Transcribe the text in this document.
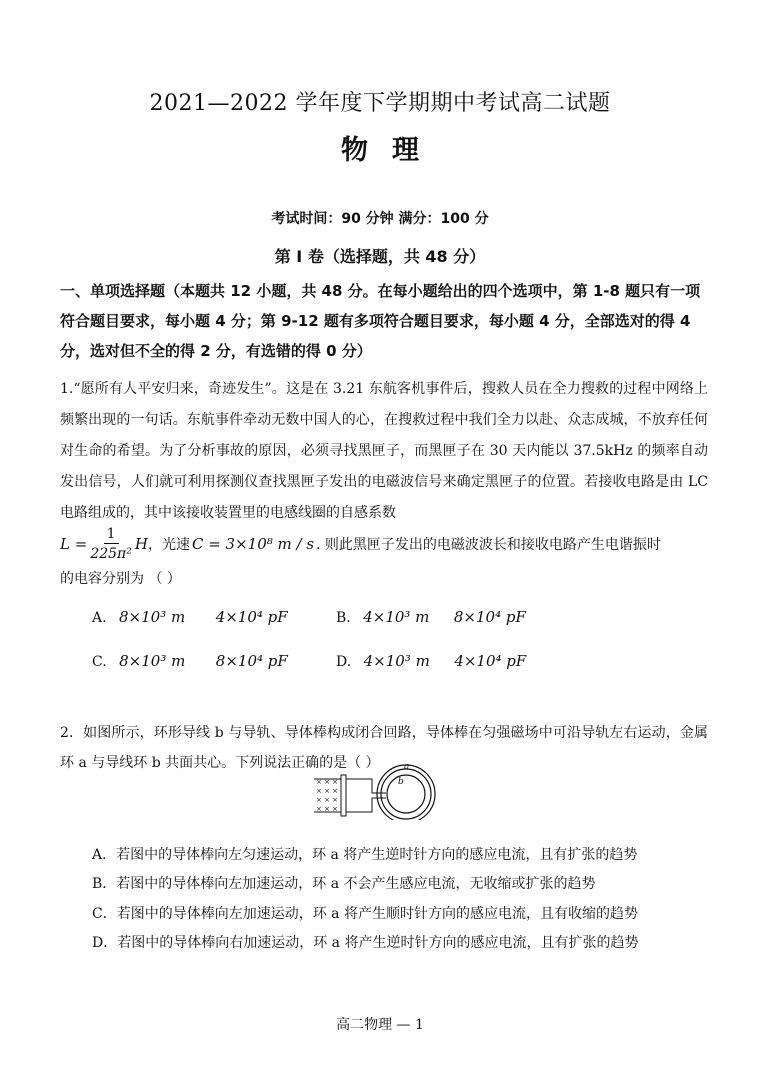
2021—2022 学年度下学期期中考试高二试题
物理
考试时间：90 分钟 满分：100 分
第 I 卷（选择题，共 48 分）
一、单项选择题（本题共 12 小题，共 48 分。在每小题给出的四个选项中，第 1-8 题只有一项符合题目要求，每小题 4 分；第 9-12 题有多项符合题目要求，每小题 4 分，全部选对的得 4 分，选对但不全的得 2 分，有选错的得 0 分）
1.“愿所有人平安归来，奇迹发生”。这是在 3.21 东航客机事件后，搜救人员在全力搜救的过程中网络上频繁出现的一句话。东航事件牵动无数中国人的心，在搜救过程中我们全力以赴、众志成城，不放弃任何对生命的希望。为了分析事故的原因，必须寻找黑匣子，而黑匣子在 30 天内能以 37.5kHz 的频率自动发出信号，人们就可利用探测仪查找黑匣子发出的电磁波信号来确定黑匣子的位置。若接收电路是由 LC 电路组成的，其中该接收装置里的电感线圈的自感系数
$L = \frac{1}{\text{225π²}}$ H ，光速 C = 3×10⁸ m / s . 则此黑匣子发出的电磁波波长和接收电路产生电谐振时
的电容分别为 （ ）
A. 8×10³ m 4×10⁴ pF	B. 4×10³ m 8×10⁴ pF
C. 8×10³ m 8×10⁴ pF	D. 4×10³ m 4×10⁴ pF
2．如图所示，环形导线 b 与导轨、导体棒构成闭合回路，导体棒在匀强磁场中可沿导轨左右运动，金属环 a 与导线环 b 共面共心。下列说法正确的是（ ）
× × ×
× × ×
× × ×
× × ×
a
b
A．若图中的导体棒向左匀速运动，环 a 将产生逆时针方向的感应电流，且有扩张的趋势
B．若图中的导体棒向左加速运动，环 a 不会产生感应电流，无收缩或扩张的趋势
C．若图中的导体棒向左加速运动，环 a 将产生顺时针方向的感应电流，且有收缩的趋势
D．若图中的导体棒向右加速运动，环 a 将产生逆时针方向的感应电流，且有扩张的趋势
高二物理 — 1
